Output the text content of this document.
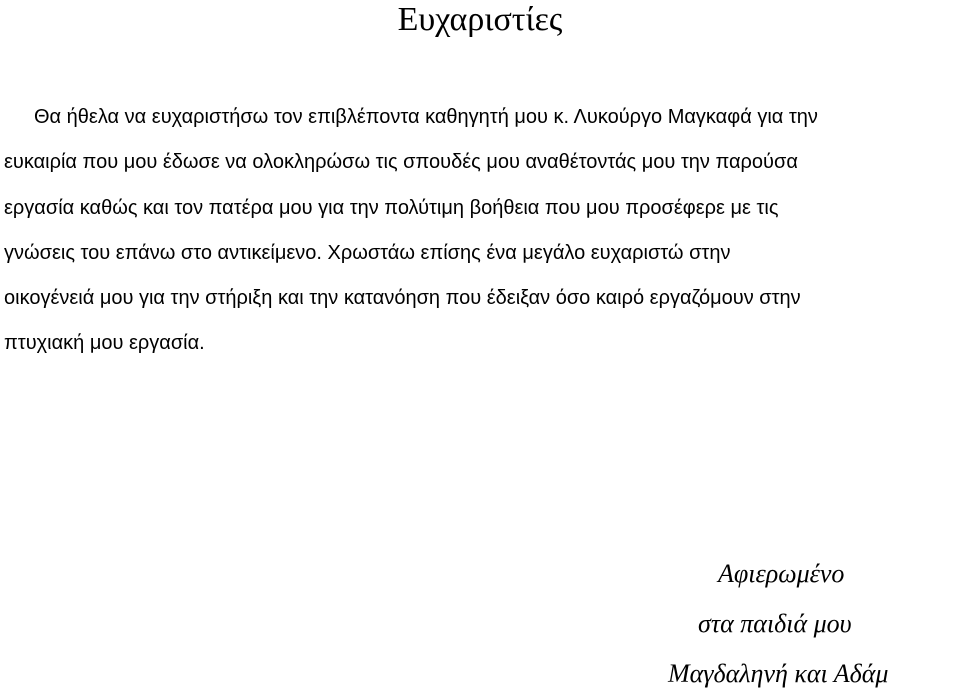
Ευχαριστίες
Θα ήθελα να ευχαριστήσω τον επιβλέποντα καθηγητή μου κ. Λυκούργο Μαγκαφά για την
ευκαιρία που μου έδωσε να ολοκληρώσω τις σπουδές μου αναθέτοντάς μου την παρούσα
εργασία καθώς και τον πατέρα μου για την πολύτιμη βοήθεια που μου προσέφερε με τις
γνώσεις του επάνω στο αντικείμενο. Χρωστάω επίσης ένα μεγάλο ευχαριστώ στην
οικογένειά μου για την στήριξη και την κατανόηση που έδειξαν όσο καιρό εργαζόμουν στην
πτυχιακή μου εργασία.
Αφιερωμένο
στα παιδιά μου
Μαγδαληνή και Αδάμ
